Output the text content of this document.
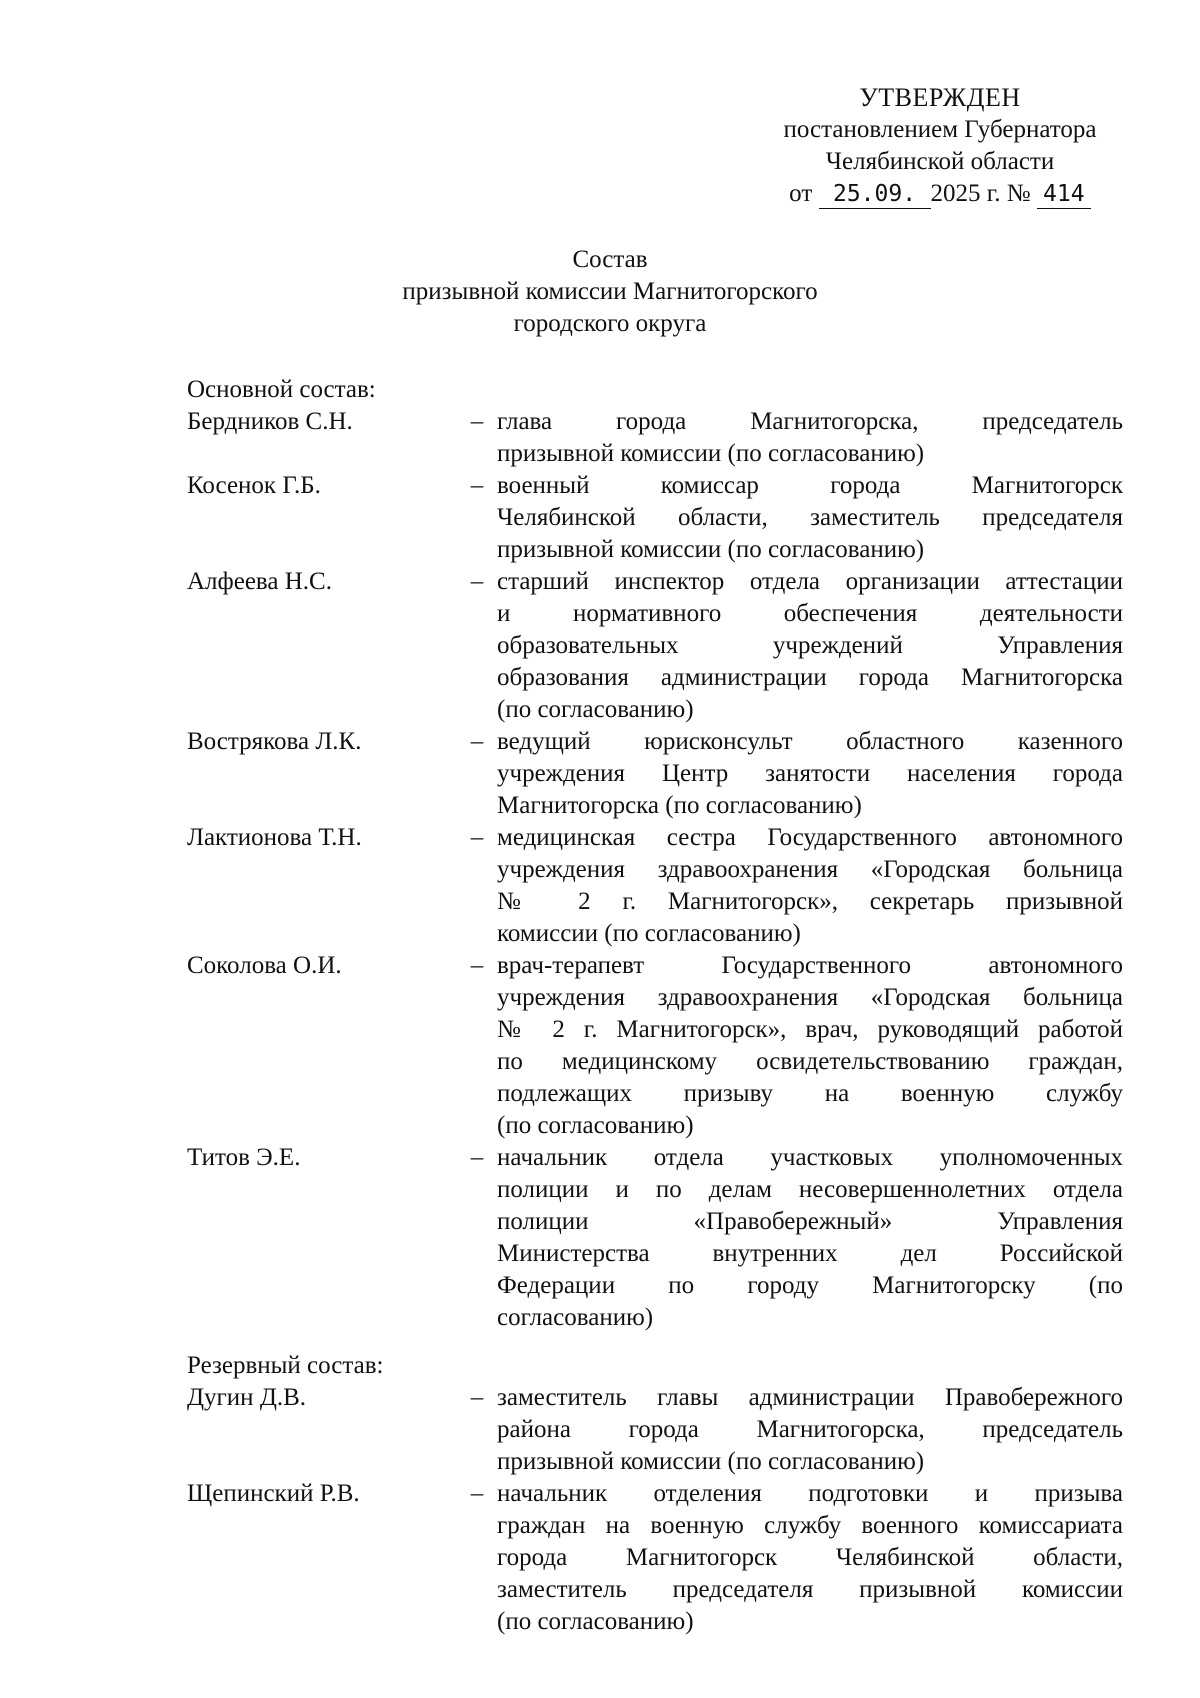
УТВЕРЖДЕН
постановлением Губернатора
Челябинской области
от 25.09. 2025 г. № 414
Состав
призывной комиссии Магнитогорского
городского округа
Основной состав:
Бердников С.Н.	– глава города Магнитогорска, председатель
призывной комиссии (по согласованию)
Косенок Г.Б.	– военный комиссар города Магнитогорск
Челябинской области, заместитель председателя
призывной комиссии (по согласованию)
Алфеева Н.С.	– старший инспектор отдела организации аттестации
и нормативного обеспечения деятельности
образовательных учреждений Управления
образования администрации города Магнитогорска
(по согласованию)
Вострякова Л.К.	– ведущий юрисконсульт областного казенного
учреждения Центр занятости населения города
Магнитогорска (по согласованию)
Лактионова Т.Н.	– медицинская сестра Государственного автономного
учреждения здравоохранения «Городская больница
№ 2 г. Магнитогорск», секретарь призывной
комиссии (по согласованию)
Соколова О.И.	– врач-терапевт Государственного автономного
учреждения здравоохранения «Городская больница
№ 2 г. Магнитогорск», врач, руководящий работой
по медицинскому освидетельствованию граждан,
подлежащих призыву на военную службу
(по согласованию)
Титов Э.Е.	– начальник отдела участковых уполномоченных
полиции и по делам несовершеннолетних отдела
полиции «Правобережный» Управления
Министерства внутренних дел Российской
Федерации по городу Магнитогорску (по
согласованию)
Резервный состав:
Дугин Д.В.	– заместитель главы администрации Правобережного
района города Магнитогорска, председатель
призывной комиссии (по согласованию)
Щепинский Р.В.	– начальник отделения подготовки и призыва
граждан на военную службу военного комиссариата
города Магнитогорск Челябинской области,
заместитель председателя призывной комиссии
(по согласованию)
